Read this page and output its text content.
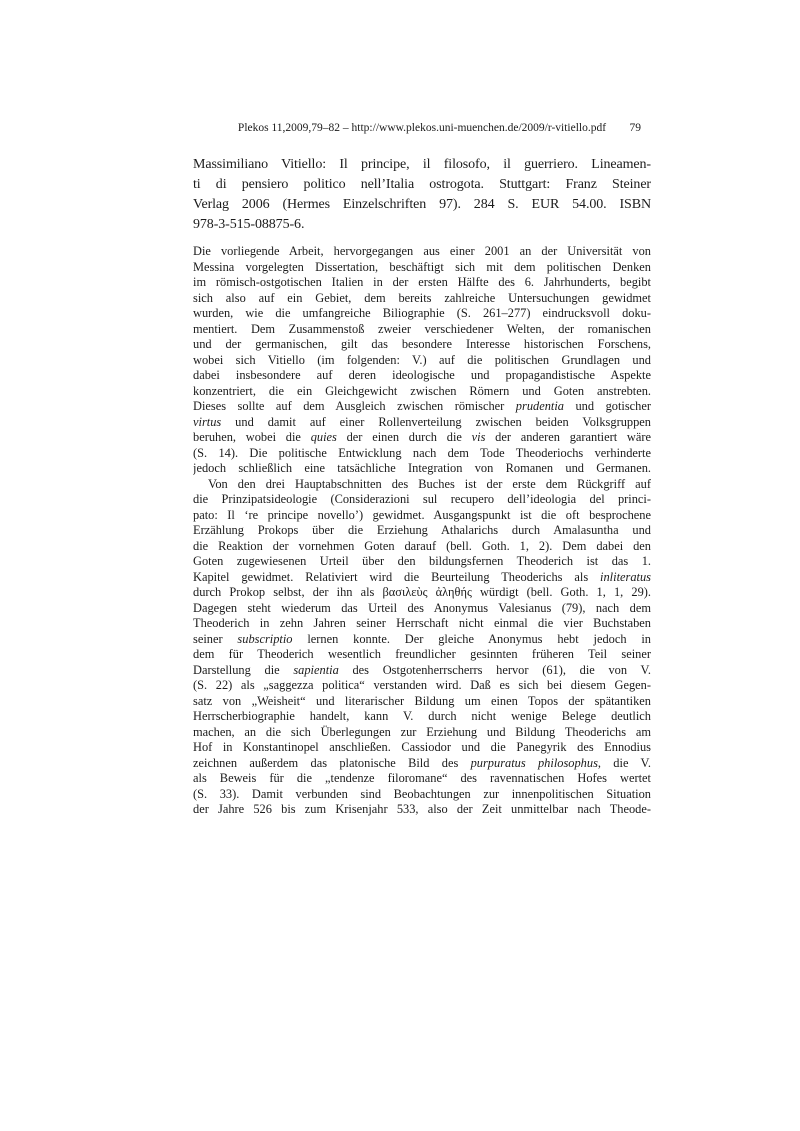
Plekos 11,2009,79–82 – http://www.plekos.uni-muenchen.de/2009/r-vitiello.pdf 79
Massimiliano Vitiello: Il principe, il filosofo, il guerriero. Lineamen-
ti di pensiero politico nell’Italia ostrogota. Stuttgart: Franz Steiner
Verlag 2006 (Hermes Einzelschriften 97). 284 S. EUR 54.00. ISBN
978-3-515-08875-6.
Die vorliegende Arbeit, hervorgegangen aus einer 2001 an der Universität von
Messina vorgelegten Dissertation, beschäftigt sich mit dem politischen Denken
im römisch-ostgotischen Italien in der ersten Hälfte des 6. Jahrhunderts, begibt
sich also auf ein Gebiet, dem bereits zahlreiche Untersuchungen gewidmet
wurden, wie die umfangreiche Biliographie (S. 261–277) eindrucksvoll doku-
mentiert. Dem Zusammenstoß zweier verschiedener Welten, der romanischen
und der germanischen, gilt das besondere Interesse historischen Forschens,
wobei sich Vitiello (im folgenden: V.) auf die politischen Grundlagen und
dabei insbesondere auf deren ideologische und propagandistische Aspekte
konzentriert, die ein Gleichgewicht zwischen Römern und Goten anstrebten.
Dieses sollte auf dem Ausgleich zwischen römischer prudentia und gotischer
virtus und damit auf einer Rollenverteilung zwischen beiden Volksgruppen
beruhen, wobei die quies der einen durch die vis der anderen garantiert wäre
(S. 14). Die politische Entwicklung nach dem Tode Theoderiochs verhinderte
jedoch schließlich eine tatsächliche Integration von Romanen und Germanen.
Von den drei Hauptabschnitten des Buches ist der erste dem Rückgriff auf
die Prinzipatsideologie (Considerazioni sul recupero dell’ideologia del princi-
pato: Il ‘re principe novello’) gewidmet. Ausgangspunkt ist die oft besprochene
Erzählung Prokops über die Erziehung Athalarichs durch Amalasuntha und
die Reaktion der vornehmen Goten darauf (bell. Goth. 1, 2). Dem dabei den
Goten zugewiesenen Urteil über den bildungsfernen Theoderich ist das 1.
Kapitel gewidmet. Relativiert wird die Beurteilung Theoderichs als inliteratus
durch Prokop selbst, der ihn als βασιλεὺς ἀληθής würdigt (bell. Goth. 1, 1, 29).
Dagegen steht wiederum das Urteil des Anonymus Valesianus (79), nach dem
Theoderich in zehn Jahren seiner Herrschaft nicht einmal die vier Buchstaben
seiner subscriptio lernen konnte. Der gleiche Anonymus hebt jedoch in
dem für Theoderich wesentlich freundlicher gesinnten früheren Teil seiner
Darstellung die sapientia des Ostgotenherrscherrs hervor (61), die von V.
(S. 22) als „saggezza politica“ verstanden wird. Daß es sich bei diesem Gegen-
satz von „Weisheit“ und literarischer Bildung um einen Topos der spätantiken
Herrscherbiographie handelt, kann V. durch nicht wenige Belege deutlich
machen, an die sich Überlegungen zur Erziehung und Bildung Theoderichs am
Hof in Konstantinopel anschließen. Cassiodor und die Panegyrik des Ennodius
zeichnen außerdem das platonische Bild des purpuratus philosophus, die V.
als Beweis für die „tendenze filoromane“ des ravennatischen Hofes wertet
(S. 33). Damit verbunden sind Beobachtungen zur innenpolitischen Situation
der Jahre 526 bis zum Krisenjahr 533, also der Zeit unmittelbar nach Theode-
